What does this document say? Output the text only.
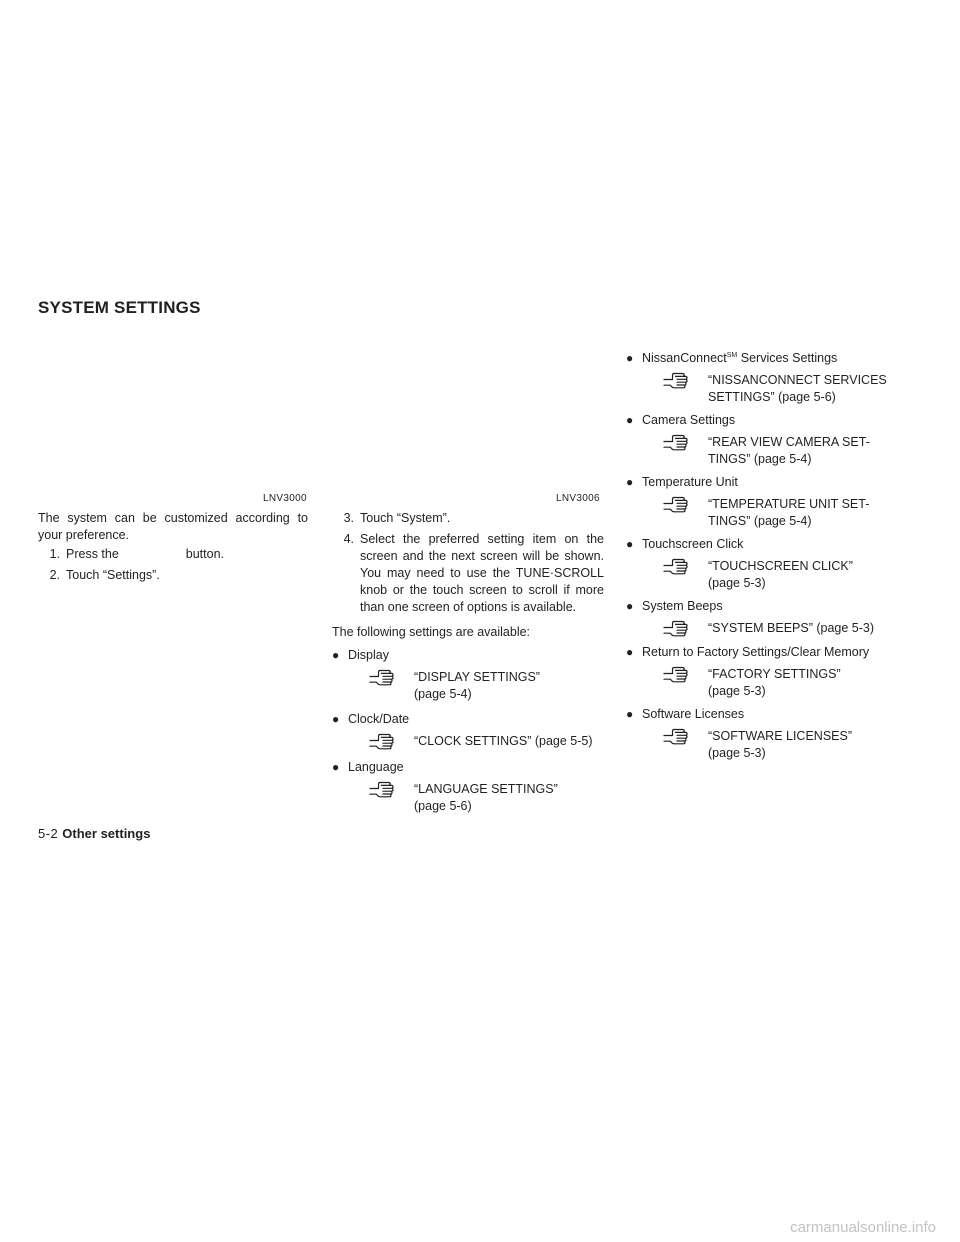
SYSTEM SETTINGS
LNV3000	LNV3006
The system can be customized according to your preference.
1. Press the	button.
2. Touch “Settings”.
3. Touch “System”.
4. Select the preferred setting item on the screen and the next screen will be shown. You may need to use the TUNE·SCROLL knob or the touch screen to scroll if more than one screen of options is available.
The following settings are available:
● Display
“DISPLAY SETTINGS”
(page 5-4)
● Clock/Date
“CLOCK SETTINGS” (page 5-5)
● Language
“LANGUAGE SETTINGS”
(page 5-6)
● NissanConnect℠ Services Settings
“NISSANCONNECT SERVICES
SETTINGS” (page 5-6)
● Camera Settings
“REAR VIEW CAMERA SET-
TINGS” (page 5-4)
● Temperature Unit
“TEMPERATURE UNIT SET-
TINGS” (page 5-4)
● Touchscreen Click
“TOUCHSCREEN CLICK”
(page 5-3)
● System Beeps
“SYSTEM BEEPS” (page 5-3)
● Return to Factory Settings/Clear Memory
“FACTORY SETTINGS”
(page 5-3)
● Software Licenses
“SOFTWARE LICENSES”
(page 5-3)
5-2 Other settings
carmanualsonline.info
